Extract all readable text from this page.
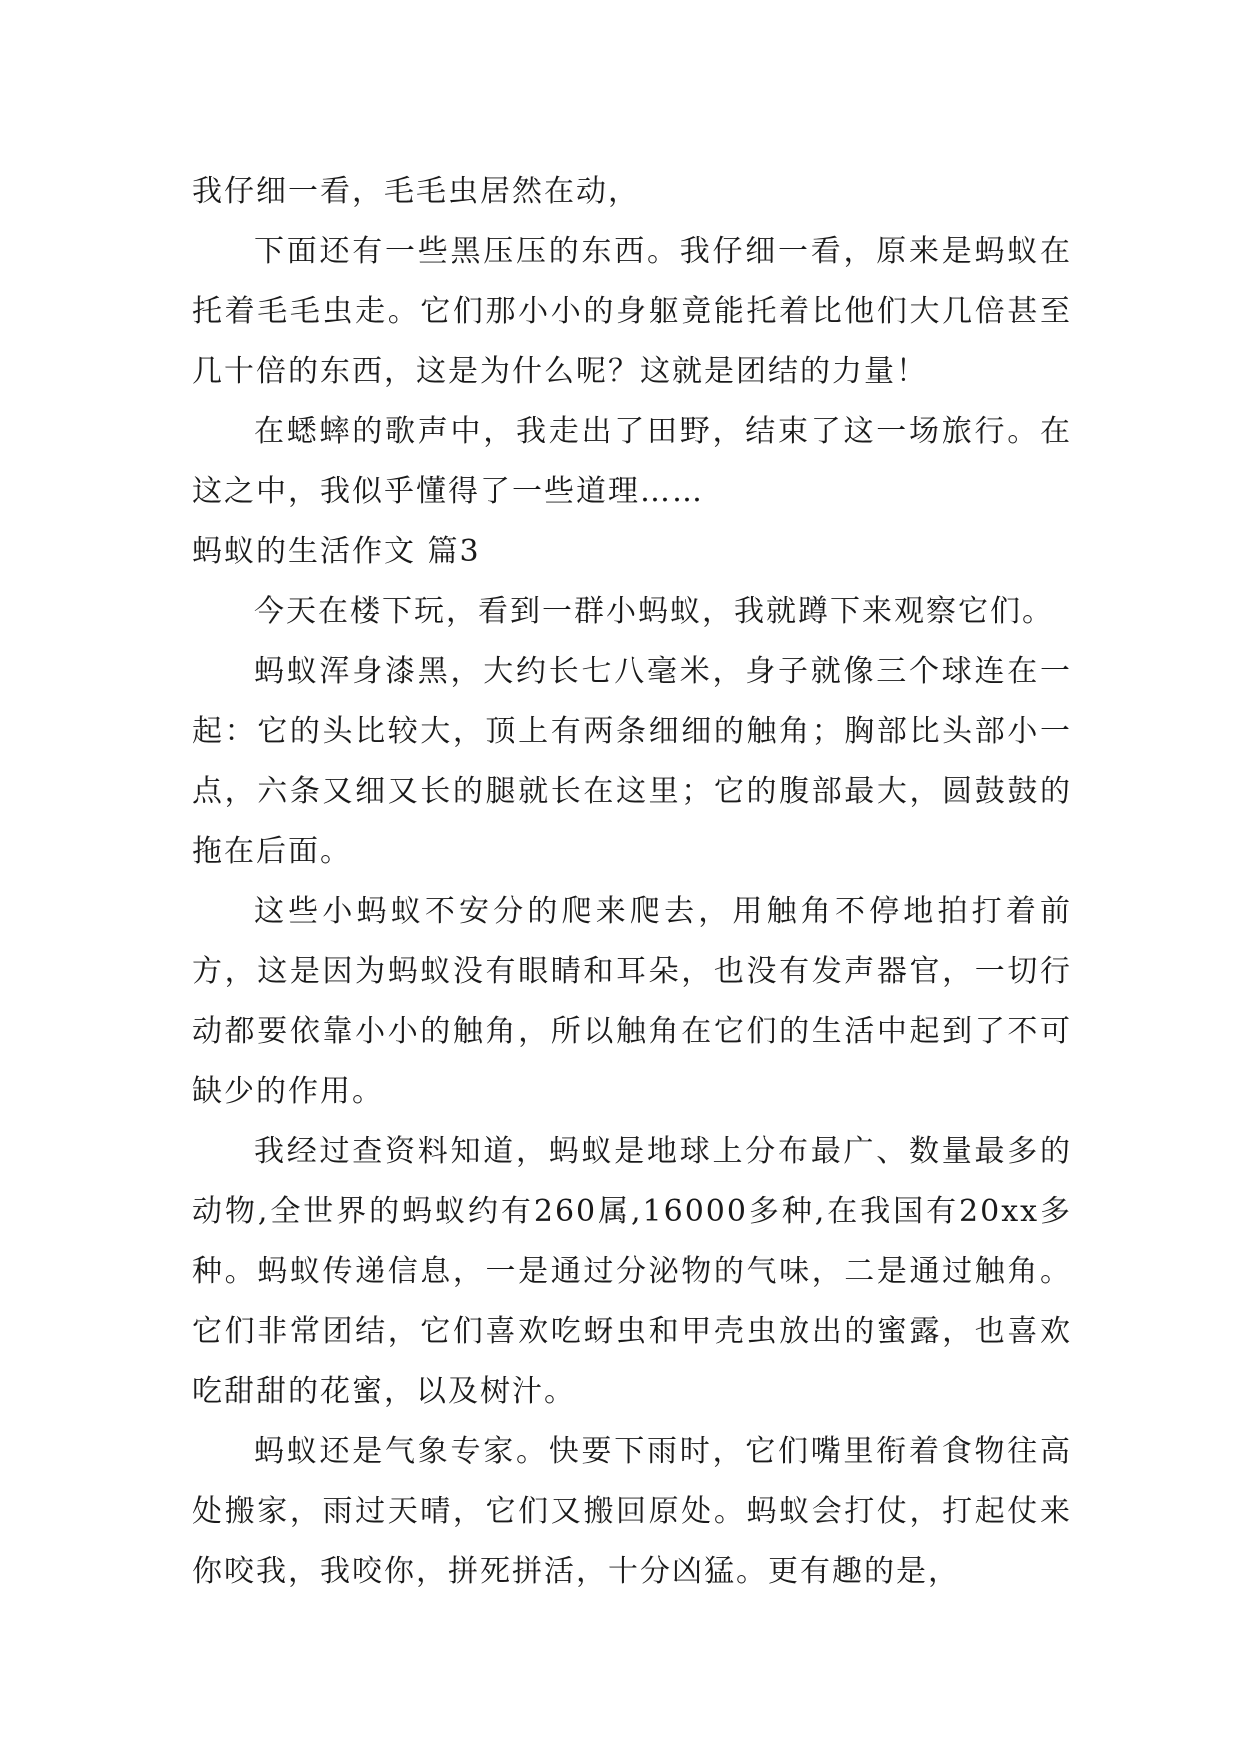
我仔细一看，毛毛虫居然在动，

下面还有一些黑压压的东西。我仔细一看，原来是蚂蚁在托着毛毛虫走。它们那小小的身躯竟能托着比他们大几倍甚至几十倍的东西，这是为什么呢？这就是团结的力量！

在蟋蟀的歌声中，我走出了田野，结束了这一场旅行。在这之中，我似乎懂得了一些道理……

蚂蚁的生活作文 篇3

今天在楼下玩，看到一群小蚂蚁，我就蹲下来观察它们。

蚂蚁浑身漆黑，大约长七八毫米，身子就像三个球连在一起：它的头比较大，顶上有两条细细的触角；胸部比头部小一点，六条又细又长的腿就长在这里；它的腹部最大，圆鼓鼓的拖在后面。

这些小蚂蚁不安分的爬来爬去，用触角不停地拍打着前方，这是因为蚂蚁没有眼睛和耳朵，也没有发声器官，一切行动都要依靠小小的触角，所以触角在它们的生活中起到了不可缺少的作用。

我经过查资料知道，蚂蚁是地球上分布最广、数量最多的动物,全世界的蚂蚁约有260属,16000多种,在我国有20xx多种。蚂蚁传递信息，一是通过分泌物的气味，二是通过触角。它们非常团结，它们喜欢吃蚜虫和甲壳虫放出的蜜露，也喜欢吃甜甜的花蜜，以及树汁。

蚂蚁还是气象专家。快要下雨时，它们嘴里衔着食物往高处搬家，雨过天晴，它们又搬回原处。蚂蚁会打仗，打起仗来你咬我，我咬你，拼死拼活，十分凶猛。更有趣的是，
